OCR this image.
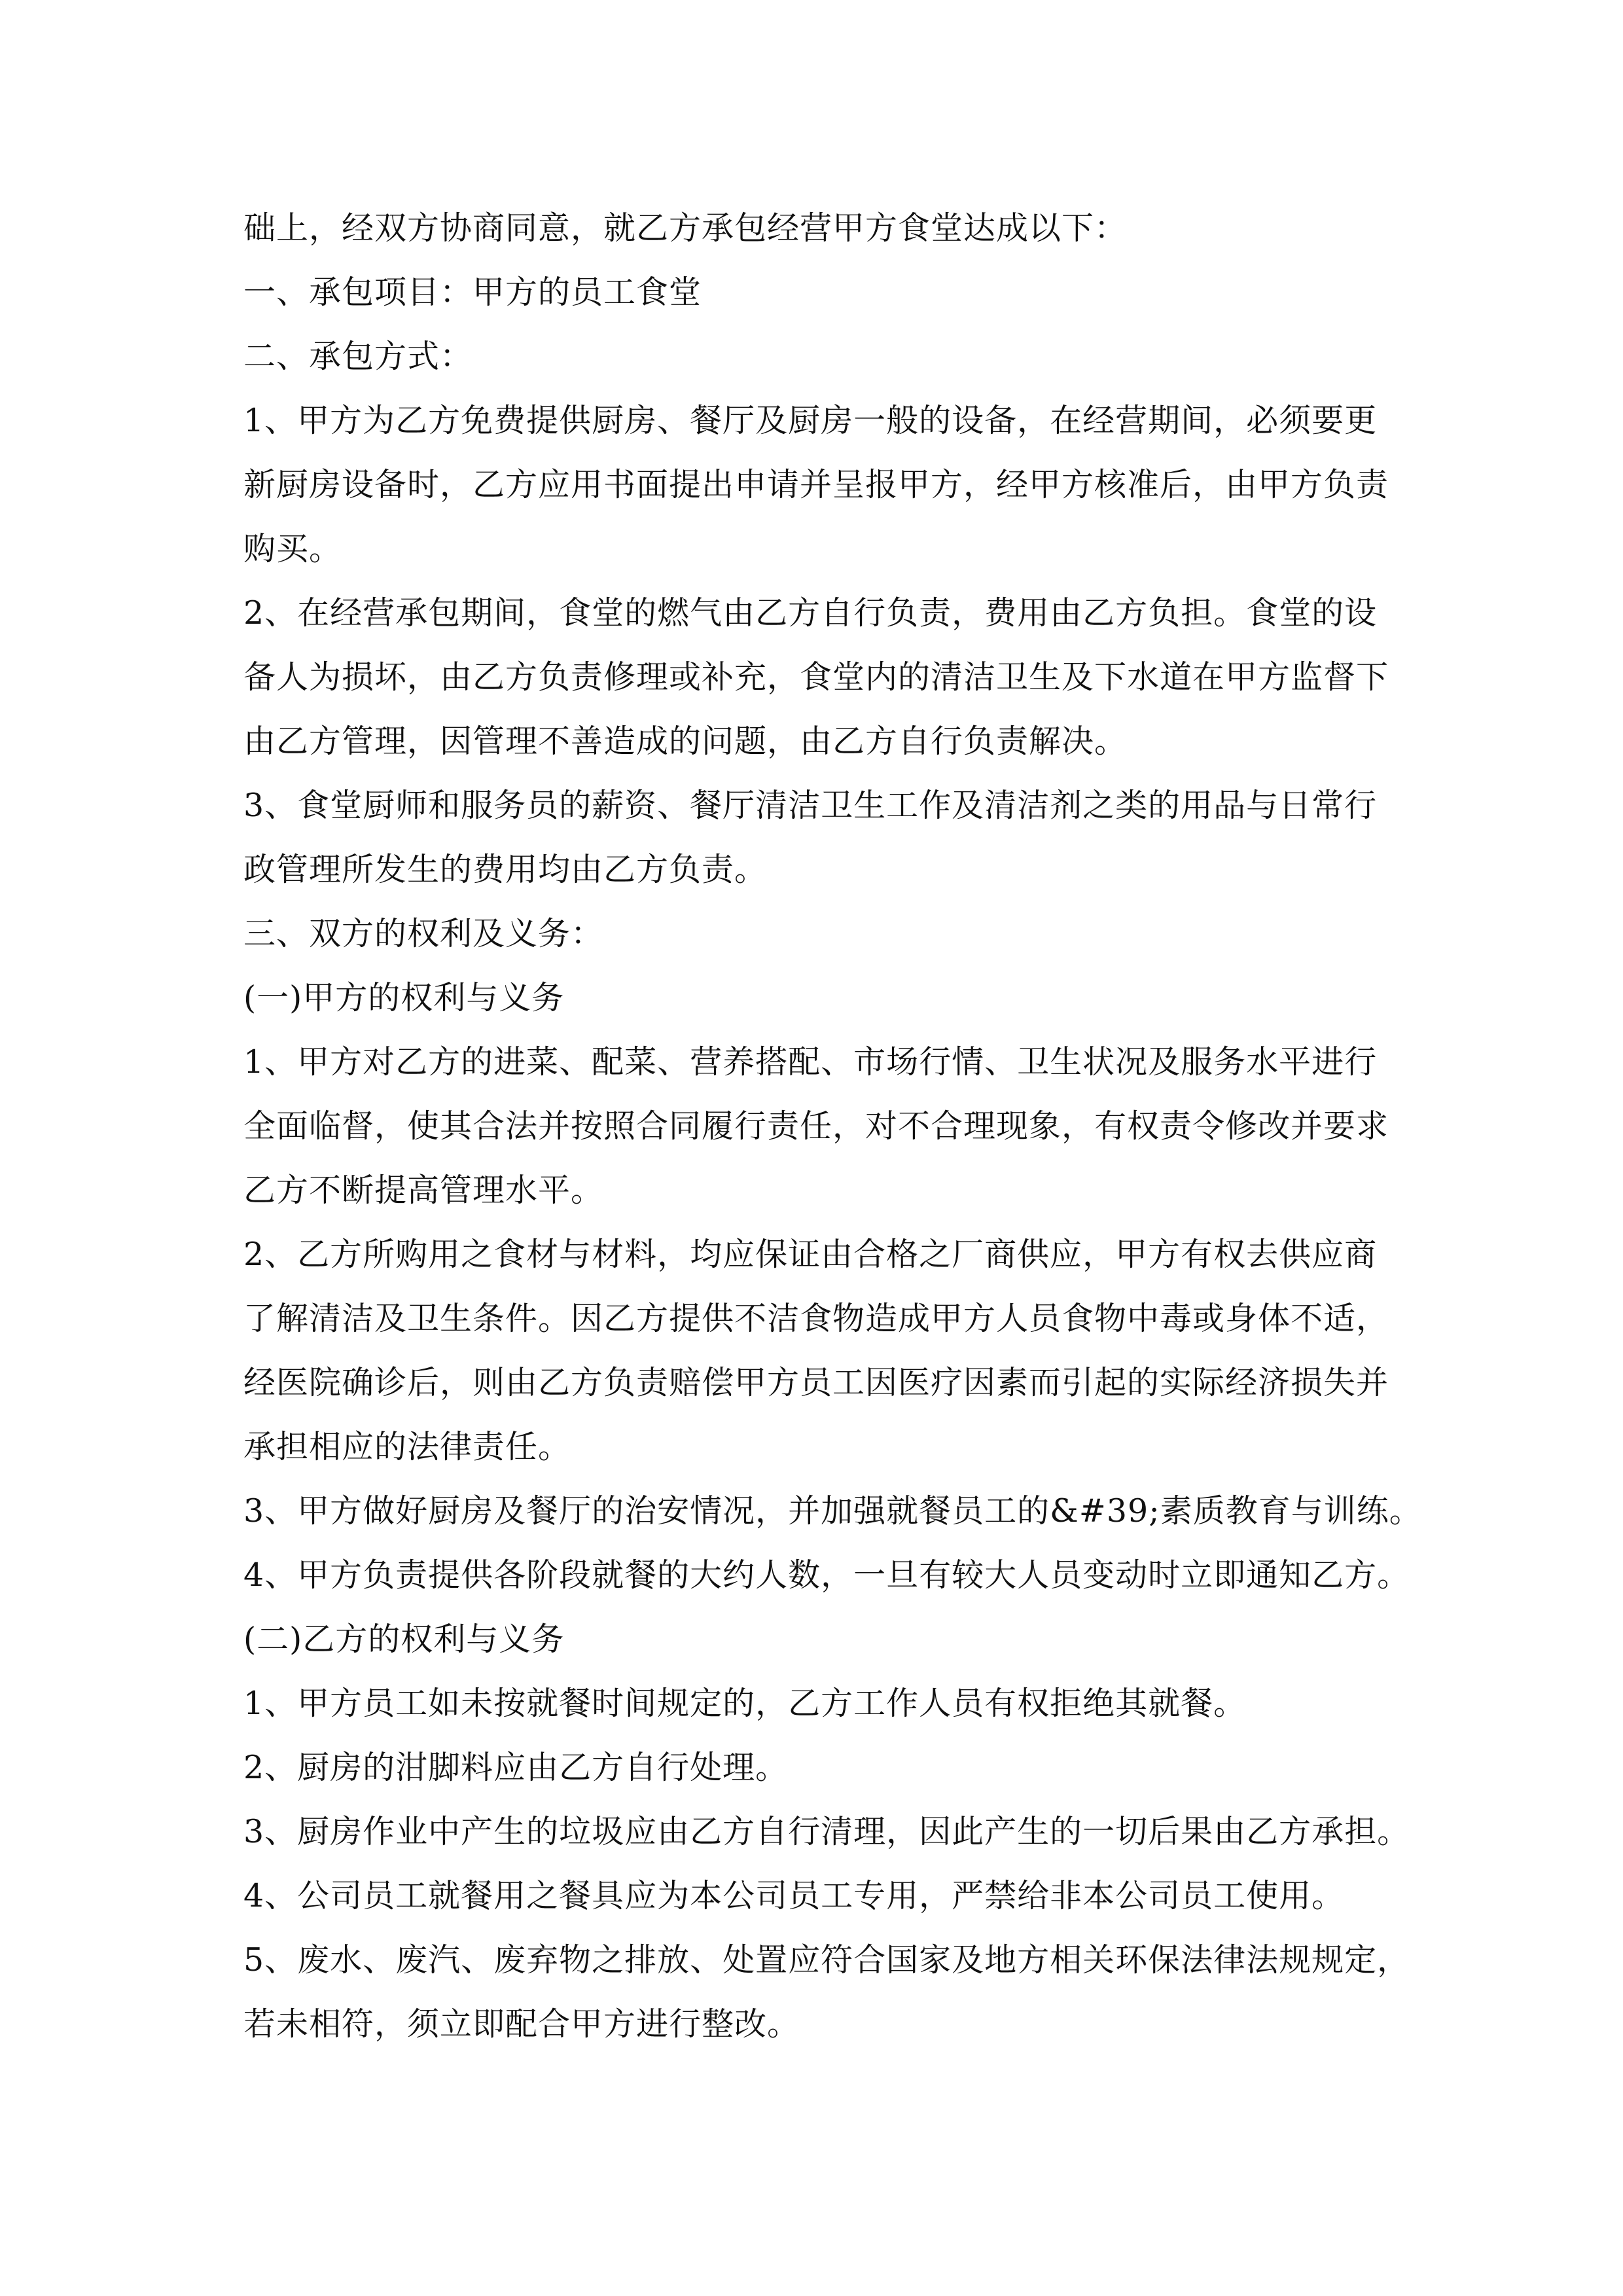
础上，经双方协商同意，就乙方承包经营甲方食堂达成以下：
一、承包项目：甲方的员工食堂
二、承包方式：
1、甲方为乙方免费提供厨房、餐厅及厨房一般的设备，在经营期间，必须要更
新厨房设备时，乙方应用书面提出申请并呈报甲方，经甲方核准后，由甲方负责
购买。
2、在经营承包期间，食堂的燃气由乙方自行负责，费用由乙方负担。食堂的设
备人为损坏，由乙方负责修理或补充，食堂内的清洁卫生及下水道在甲方监督下
由乙方管理，因管理不善造成的问题，由乙方自行负责解决。
3、食堂厨师和服务员的薪资、餐厅清洁卫生工作及清洁剂之类的用品与日常行
政管理所发生的费用均由乙方负责。
三、双方的权利及义务：
(一)甲方的权利与义务
1、甲方对乙方的进菜、配菜、营养搭配、市场行情、卫生状况及服务水平进行
全面临督，使其合法并按照合同履行责任，对不合理现象，有权责令修改并要求
乙方不断提高管理水平。
2、乙方所购用之食材与材料，均应保证由合格之厂商供应，甲方有权去供应商
了解清洁及卫生条件。因乙方提供不洁食物造成甲方人员食物中毒或身体不适，
经医院确诊后，则由乙方负责赔偿甲方员工因医疗因素而引起的实际经济损失并
承担相应的法律责任。
3、甲方做好厨房及餐厅的治安情况，并加强就餐员工的&#39;素质教育与训练。
4、甲方负责提供各阶段就餐的大约人数，一旦有较大人员变动时立即通知乙方。
(二)乙方的权利与义务
1、甲方员工如未按就餐时间规定的，乙方工作人员有权拒绝其就餐。
2、厨房的泔脚料应由乙方自行处理。
3、厨房作业中产生的垃圾应由乙方自行清理，因此产生的一切后果由乙方承担。
4、公司员工就餐用之餐具应为本公司员工专用，严禁给非本公司员工使用。
5、废水、废汽、废弃物之排放、处置应符合国家及地方相关环保法律法规规定，
若未相符，须立即配合甲方进行整改。
